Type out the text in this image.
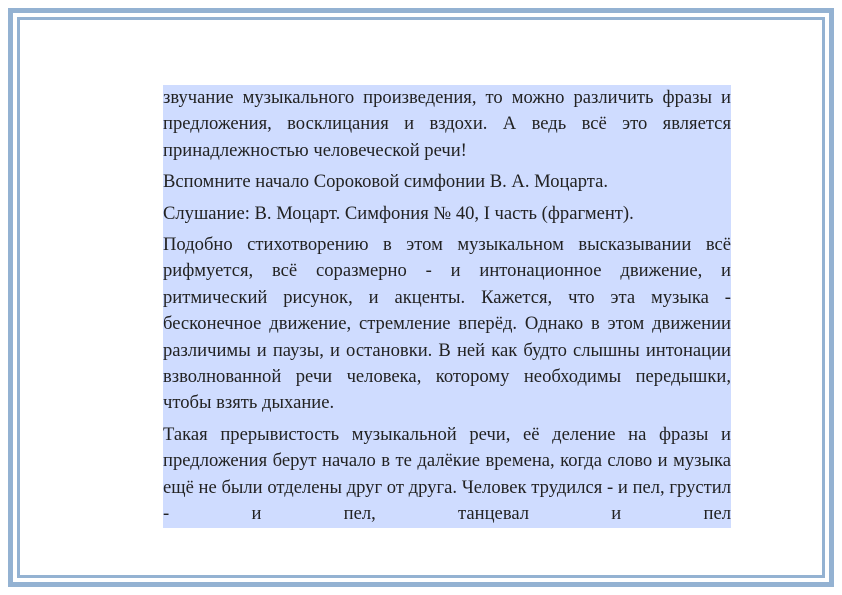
звучание музыкального произведения, то можно различить фразы и предложения, восклицания и вздохи. А ведь всё это является принадлежностью человеческой речи!

Вспомните начало Сороковой симфонии В. А. Моцарта.

Слушание: В. Моцарт. Симфония № 40, I часть (фрагмент).

Подобно стихотворению в этом музыкальном высказывании всё рифмуется, всё соразмерно - и интонационное движение, и ритмический рисунок, и акценты. Кажется, что эта музыка - бесконечное движение, стремление вперёд. Однако в этом движении различимы и паузы, и остановки. В ней как будто слышны интонации взволнованной речи человека, которому необходимы передышки, чтобы взять дыхание.

Такая прерывистость музыкальной речи, её деление на фразы и предложения берут начало в те далёкие времена, когда слово и музыка ещё не были отделены друг от друга. Человек трудился - и пел, грустил - и пел, танцевал и пел
